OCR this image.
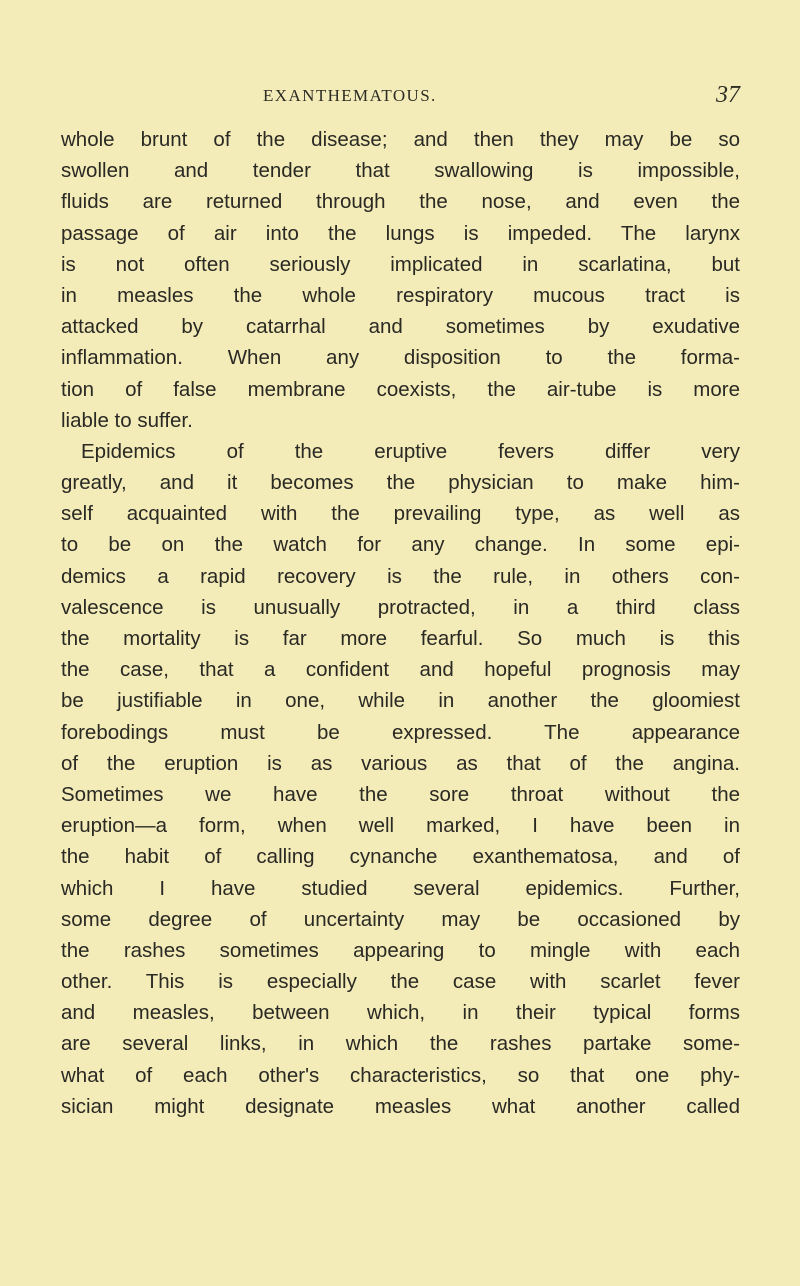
EXANTHEMATOUS.	37
whole brunt of the disease; and then they may be so
swollen and tender that swallowing is impossible,
fluids are returned through the nose, and even the
passage of air into the lungs is impeded. The larynx
is not often seriously implicated in scarlatina, but
in measles the whole respiratory mucous tract is
attacked by catarrhal and sometimes by exudative
inflammation. When any disposition to the forma-
tion of false membrane coexists, the air-tube is more
liable to suffer.
Epidemics of the eruptive fevers differ very
greatly, and it becomes the physician to make him-
self acquainted with the prevailing type, as well as
to be on the watch for any change. In some epi-
demics a rapid recovery is the rule, in others con-
valescence is unusually protracted, in a third class
the mortality is far more fearful. So much is this
the case, that a confident and hopeful prognosis may
be justifiable in one, while in another the gloomiest
forebodings must be expressed. The appearance
of the eruption is as various as that of the angina.
Sometimes we have the sore throat without the
eruption—a form, when well marked, I have been in
the habit of calling cynanche exanthematosa, and of
which I have studied several epidemics. Further,
some degree of uncertainty may be occasioned by
the rashes sometimes appearing to mingle with each
other. This is especially the case with scarlet fever
and measles, between which, in their typical forms
are several links, in which the rashes partake some-
what of each other's characteristics, so that one phy-
sician might designate measles what another called
